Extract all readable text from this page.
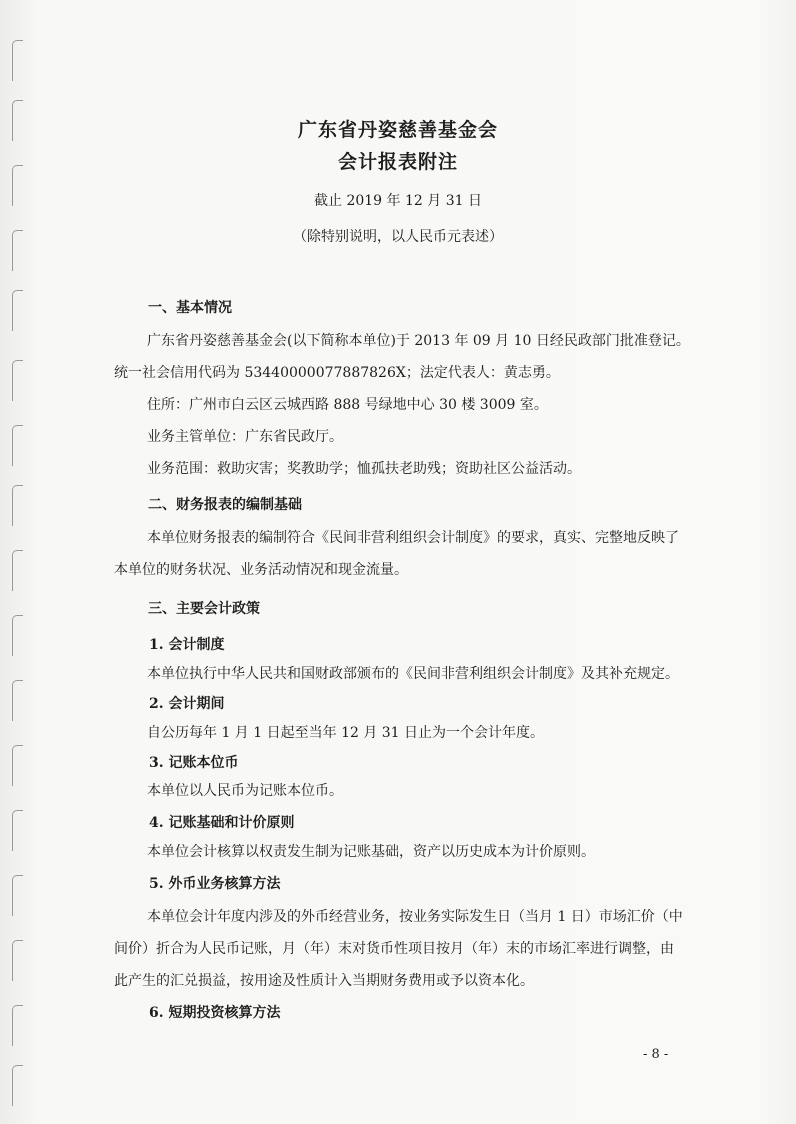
广东省丹姿慈善基金会
会计报表附注
截止 2019 年 12 月 31 日
（除特别说明，以人民币元表述）
一、基本情况
广东省丹姿慈善基金会(以下简称本单位)于 2013 年 09 月 10 日经民政部门批准登记。
统一社会信用代码为 53440000077887826X；法定代表人：黄志勇。
住所：广州市白云区云城西路 888 号绿地中心 30 楼 3009 室。
业务主管单位：广东省民政厅。
业务范围：救助灾害；奖教助学；恤孤扶老助残；资助社区公益活动。
二、财务报表的编制基础
本单位财务报表的编制符合《民间非营利组织会计制度》的要求，真实、完整地反映了
本单位的财务状况、业务活动情况和现金流量。
三、主要会计政策
1. 会计制度
本单位执行中华人民共和国财政部颁布的《民间非营利组织会计制度》及其补充规定。
2. 会计期间
自公历每年 1 月 1 日起至当年 12 月 31 日止为一个会计年度。
3. 记账本位币
本单位以人民币为记账本位币。
4. 记账基础和计价原则
本单位会计核算以权责发生制为记账基础，资产以历史成本为计价原则。
5. 外币业务核算方法
本单位会计年度内涉及的外币经营业务，按业务实际发生日（当月 1 日）市场汇价（中
间价）折合为人民币记账，月（年）末对货币性项目按月（年）末的市场汇率进行调整，由
此产生的汇兑损益，按用途及性质计入当期财务费用或予以资本化。
6. 短期投资核算方法
- 8 -
